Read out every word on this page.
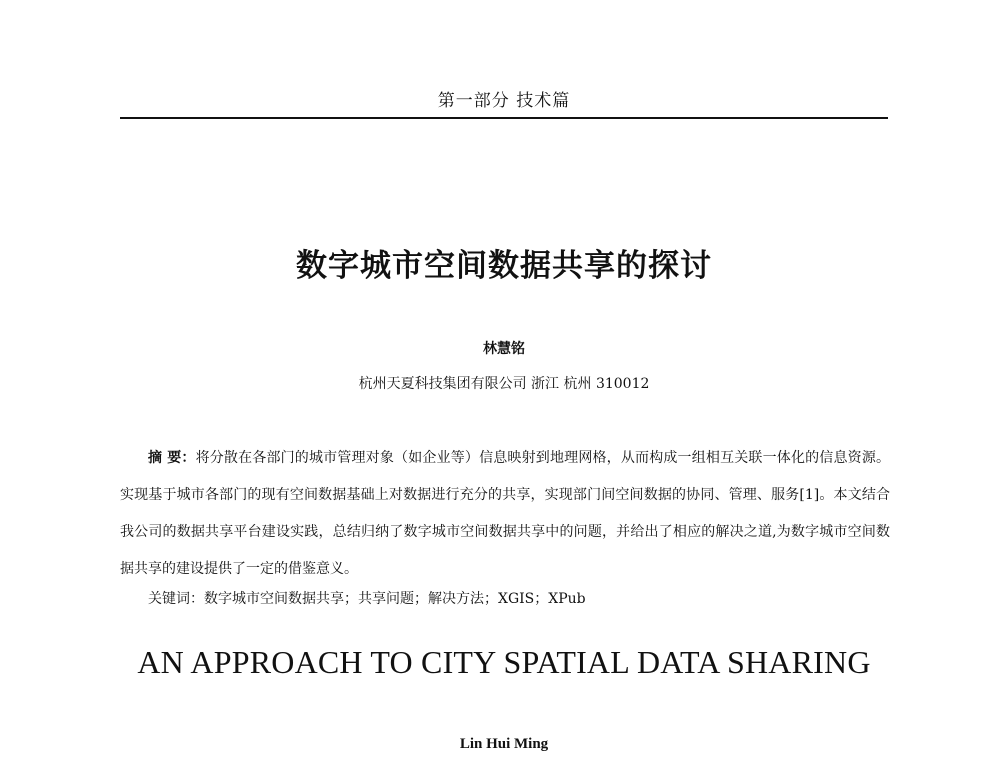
第一部分 技术篇
数字城市空间数据共享的探讨
林慧铭
杭州天夏科技集团有限公司 浙江 杭州 310012
摘 要：将分散在各部门的城市管理对象（如企业等）信息映射到地理网格，从而构成一组相互关联一体化的信息资源。实现基于城市各部门的现有空间数据基础上对数据进行充分的共享，实现部门间空间数据的协同、管理、服务[1]。本文结合我公司的数据共享平台建设实践，总结归纳了数字城市空间数据共享中的问题，并给出了相应的解决之道,为数字城市空间数据共享的建设提供了一定的借鉴意义。
关键词：数字城市空间数据共享；共享问题；解决方法；XGIS；XPub
AN APPROACH TO CITY SPATIAL DATA SHARING
Lin Hui Ming
